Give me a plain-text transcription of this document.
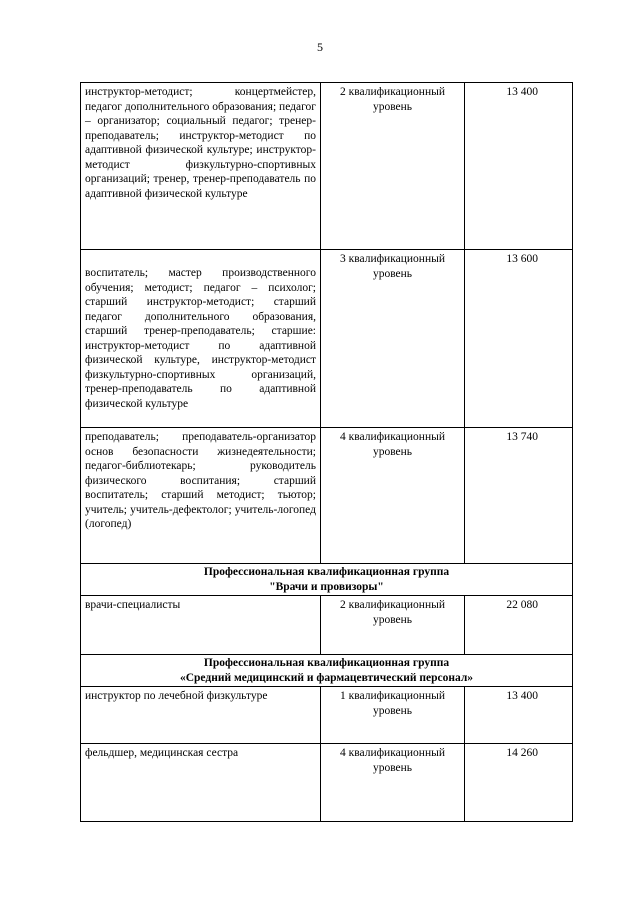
5
инструктор-методист; концертмейстер, педагог дополнительного образования; педагог – организатор; социальный педагог; тренер-преподаватель; инструктор-методист по адаптивной физической культуре; инструктор-методист физкультурно-спортивных организаций; тренер, тренер-преподаватель по адаптивной физической культуре	2 квалификационный уровень	13 400

воспитатель; мастер производственного обучения; методист; педагог – психолог; старший инструктор-методист; старший педагог дополнительного образования, старший тренер-преподаватель; старшие: инструктор-методист по адаптивной физической культуре, инструктор-методист физкультурно-спортивных организаций, тренер-преподаватель по адаптивной физической культуре	3 квалификационный уровень	13 600
преподаватель; преподаватель-организатор основ безопасности жизнедеятельности; педагог-библиотекарь; руководитель физического воспитания; старший воспитатель; старший методист; тьютор; учитель; учитель-дефектолог; учитель-логопед (логопед)	4 квалификационный уровень	13 740

Профессиональная квалификационная группа
"Врачи и провизоры"		

врачи-специалисты	2 квалификационный уровень	22 080

Профессиональная квалификационная группа
«Средний медицинский и фармацевтический персонал»		

инструктор по лечебной физкультуре	1 квалификационный уровень	13 400
фельдшер, медицинская сестра	4 квалификационный уровень	14 260
